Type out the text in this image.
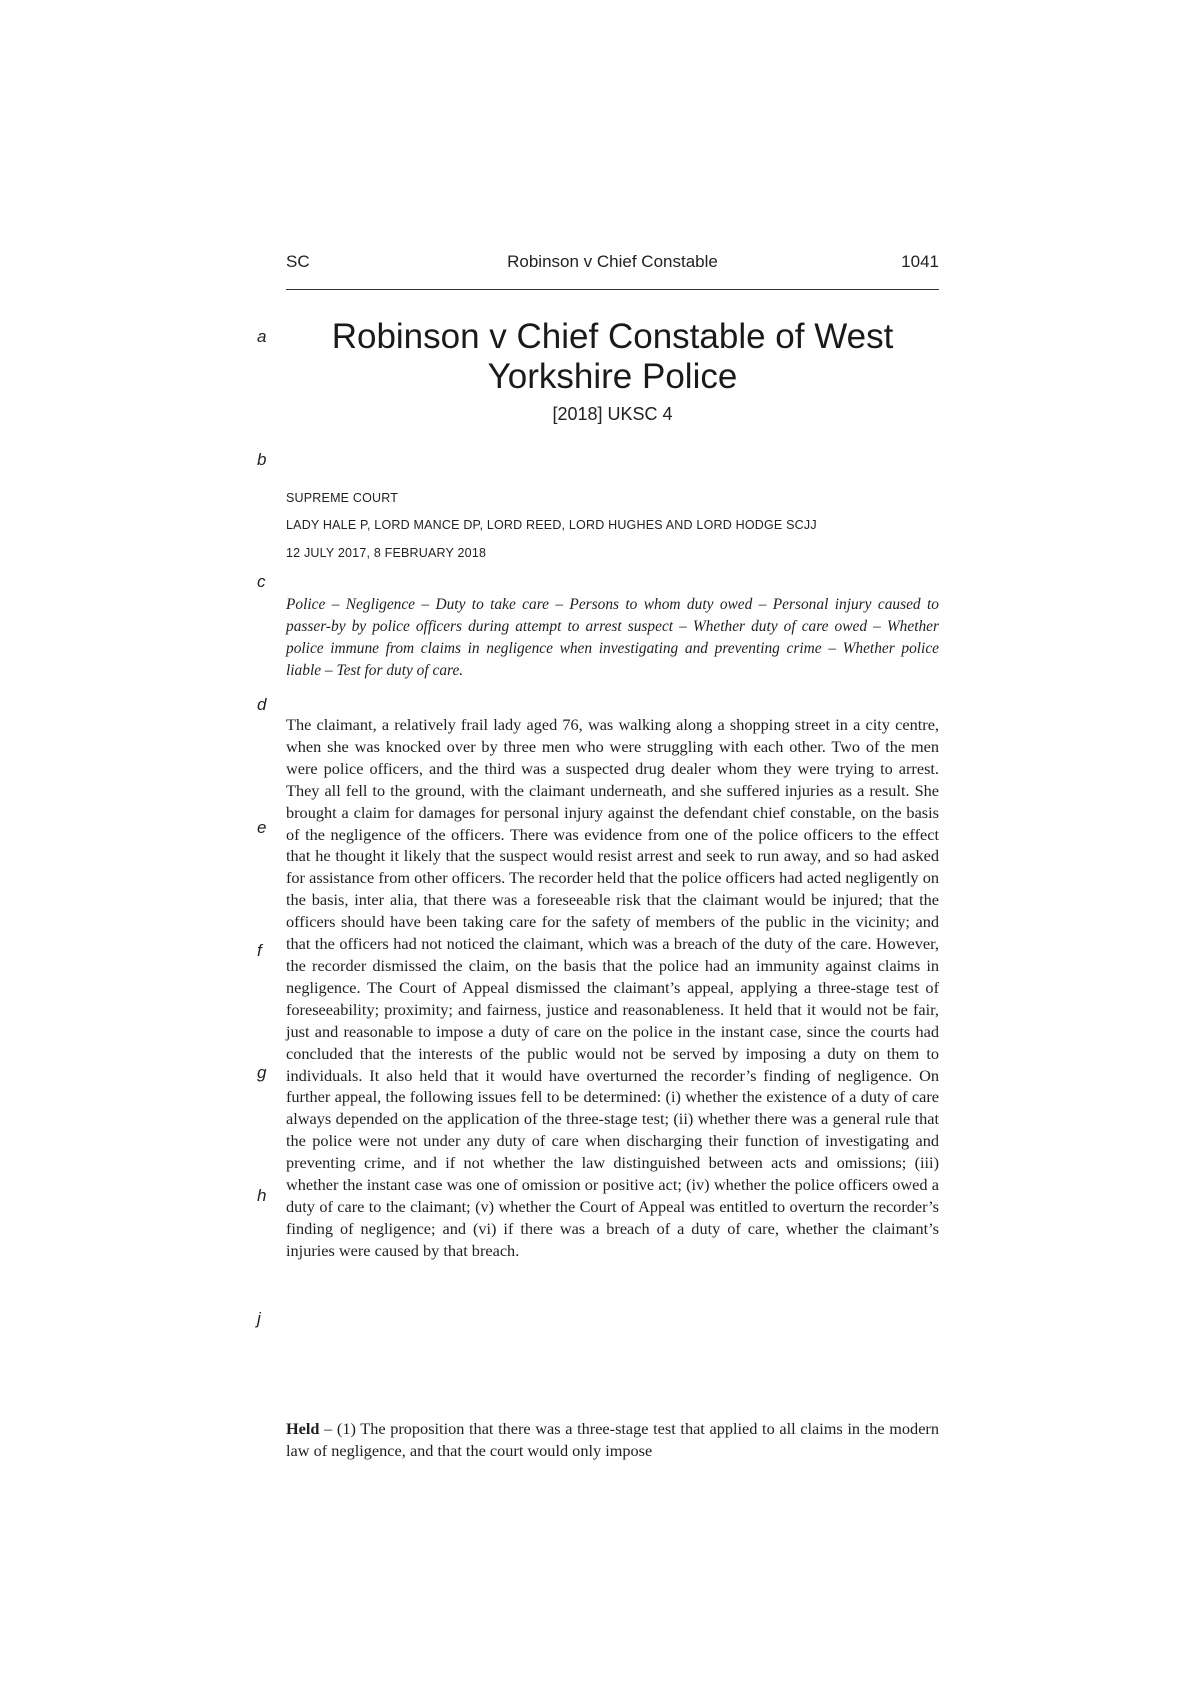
SC	Robinson v Chief Constable	1041
a
b
c
d
e
f
g
h
j
Robinson v Chief Constable of West
Yorkshire Police
[2018] UKSC 4
SUPREME COURT
LADY HALE P, LORD MANCE DP, LORD REED, LORD HUGHES AND LORD HODGE SCJJ
12 JULY 2017, 8 FEBRUARY 2018
Police – Negligence – Duty to take care – Persons to whom duty owed – Personal injury caused to passer-by by police officers during attempt to arrest suspect – Whether duty of care owed – Whether police immune from claims in negligence when investigating and preventing crime – Whether police liable – Test for duty of care.
The claimant, a relatively frail lady aged 76, was walking along a shopping street in a city centre, when she was knocked over by three men who were struggling with each other. Two of the men were police officers, and the third was a suspected drug dealer whom they were trying to arrest. They all fell to the ground, with the claimant underneath, and she suffered injuries as a result. She brought a claim for damages for personal injury against the defendant chief constable, on the basis of the negligence of the officers. There was evidence from one of the police officers to the effect that he thought it likely that the suspect would resist arrest and seek to run away, and so had asked for assistance from other officers. The recorder held that the police officers had acted negligently on the basis, inter alia, that there was a foreseeable risk that the claimant would be injured; that the officers should have been taking care for the safety of members of the public in the vicinity; and that the officers had not noticed the claimant, which was a breach of the duty of the care. However, the recorder dismissed the claim, on the basis that the police had an immunity against claims in negligence. The Court of Appeal dismissed the claimant’s appeal, applying a three-stage test of foreseeability; proximity; and fairness, justice and reasonableness. It held that it would not be fair, just and reasonable to impose a duty of care on the police in the instant case, since the courts had concluded that the interests of the public would not be served by imposing a duty on them to individuals. It also held that it would have overturned the recorder’s finding of negligence. On further appeal, the following issues fell to be determined: (i) whether the existence of a duty of care always depended on the application of the three-stage test; (ii) whether there was a general rule that the police were not under any duty of care when discharging their function of investigating and preventing crime, and if not whether the law distinguished between acts and omissions; (iii) whether the instant case was one of omission or positive act; (iv) whether the police officers owed a duty of care to the claimant; (v) whether the Court of Appeal was entitled to overturn the recorder’s finding of negligence; and (vi) if there was a breach of a duty of care, whether the claimant’s injuries were caused by that breach.
Held – (1) The proposition that there was a three-stage test that applied to all claims in the modern law of negligence, and that the court would only impose
